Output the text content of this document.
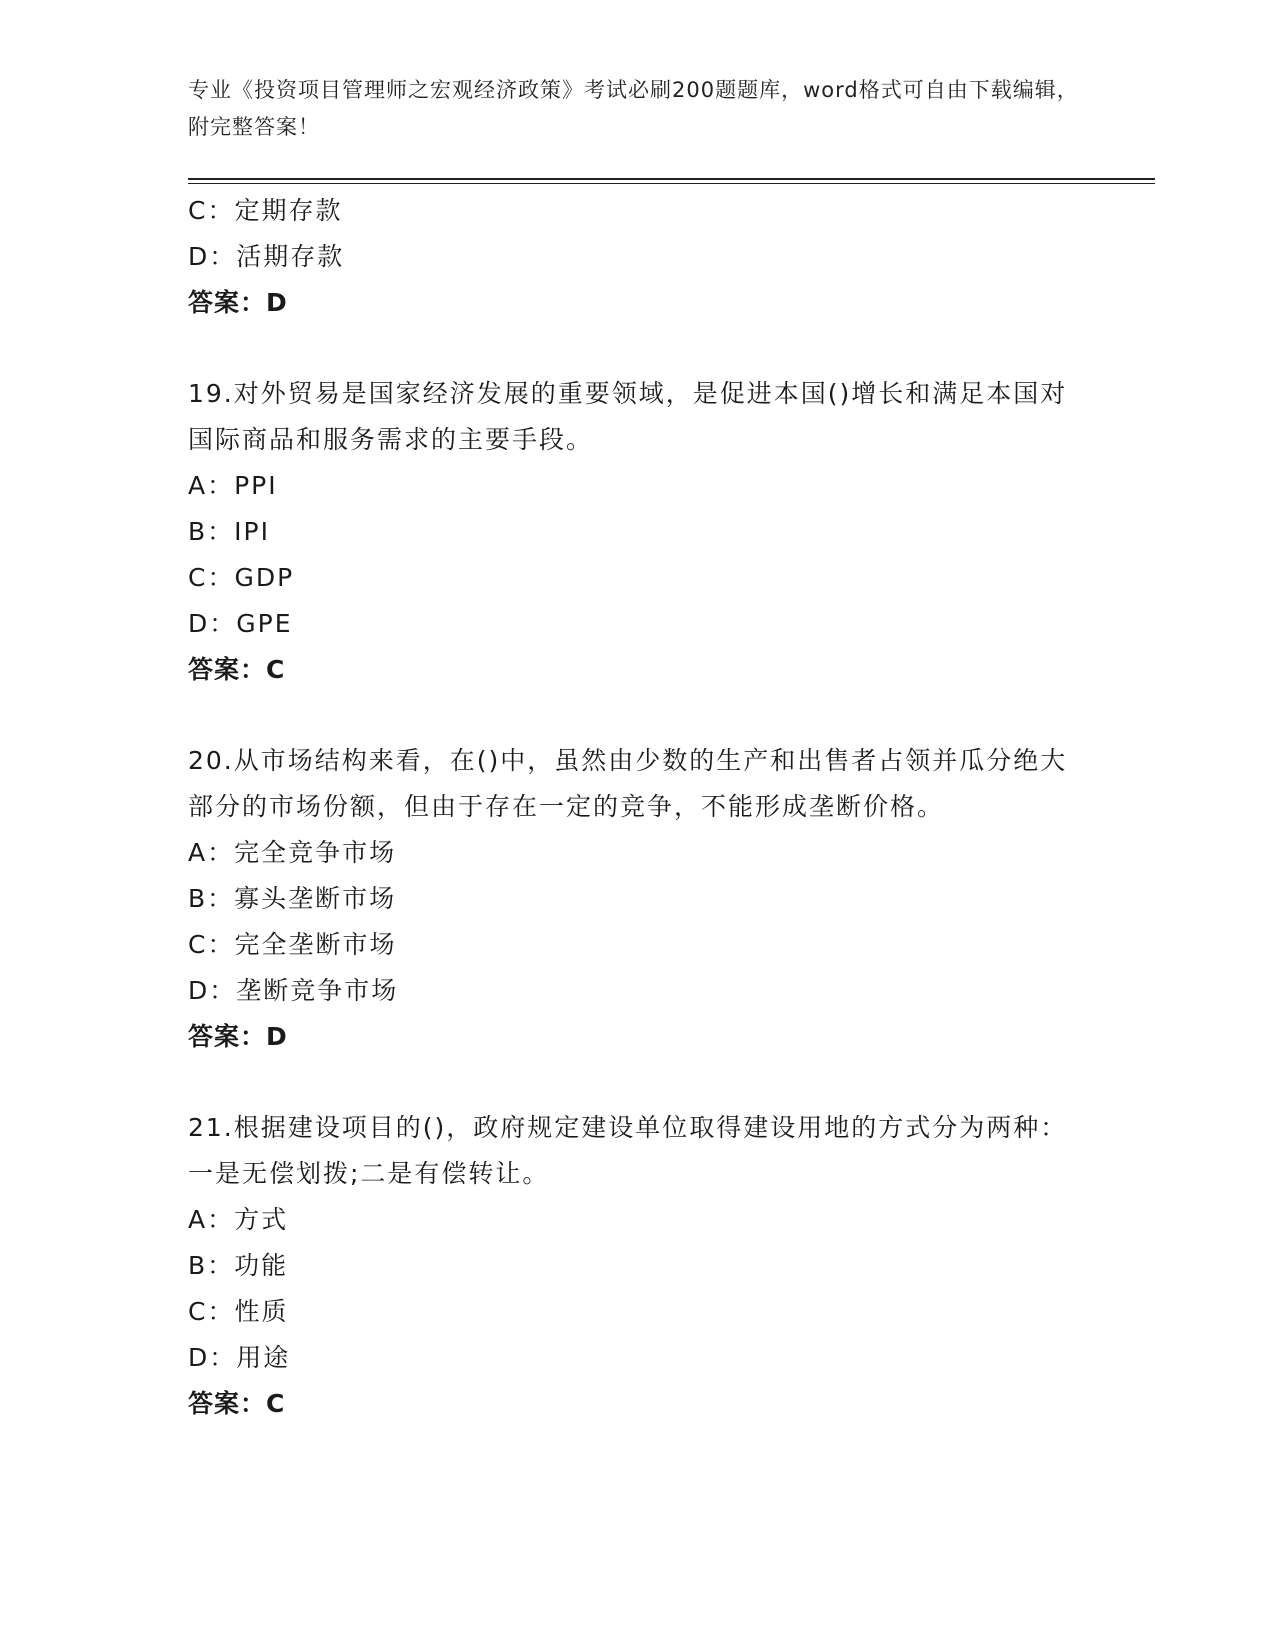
专业《投资项目管理师之宏观经济政策》考试必刷200题题库，word格式可自由下载编辑，附完整答案！
C：定期存款
D：活期存款
答案：D
19.对外贸易是国家经济发展的重要领域，是促进本国()增长和满足本国对国际商品和服务需求的主要手段。
A：PPI
B：IPI
C：GDP
D：GPE
答案：C
20.从市场结构来看，在()中，虽然由少数的生产和出售者占领并瓜分绝大部分的市场份额，但由于存在一定的竞争，不能形成垄断价格。
A：完全竞争市场
B：寡头垄断市场
C：完全垄断市场
D：垄断竞争市场
答案：D
21.根据建设项目的()，政府规定建设单位取得建设用地的方式分为两种：一是无偿划拨;二是有偿转让。
A：方式
B：功能
C：性质
D：用途
答案：C
